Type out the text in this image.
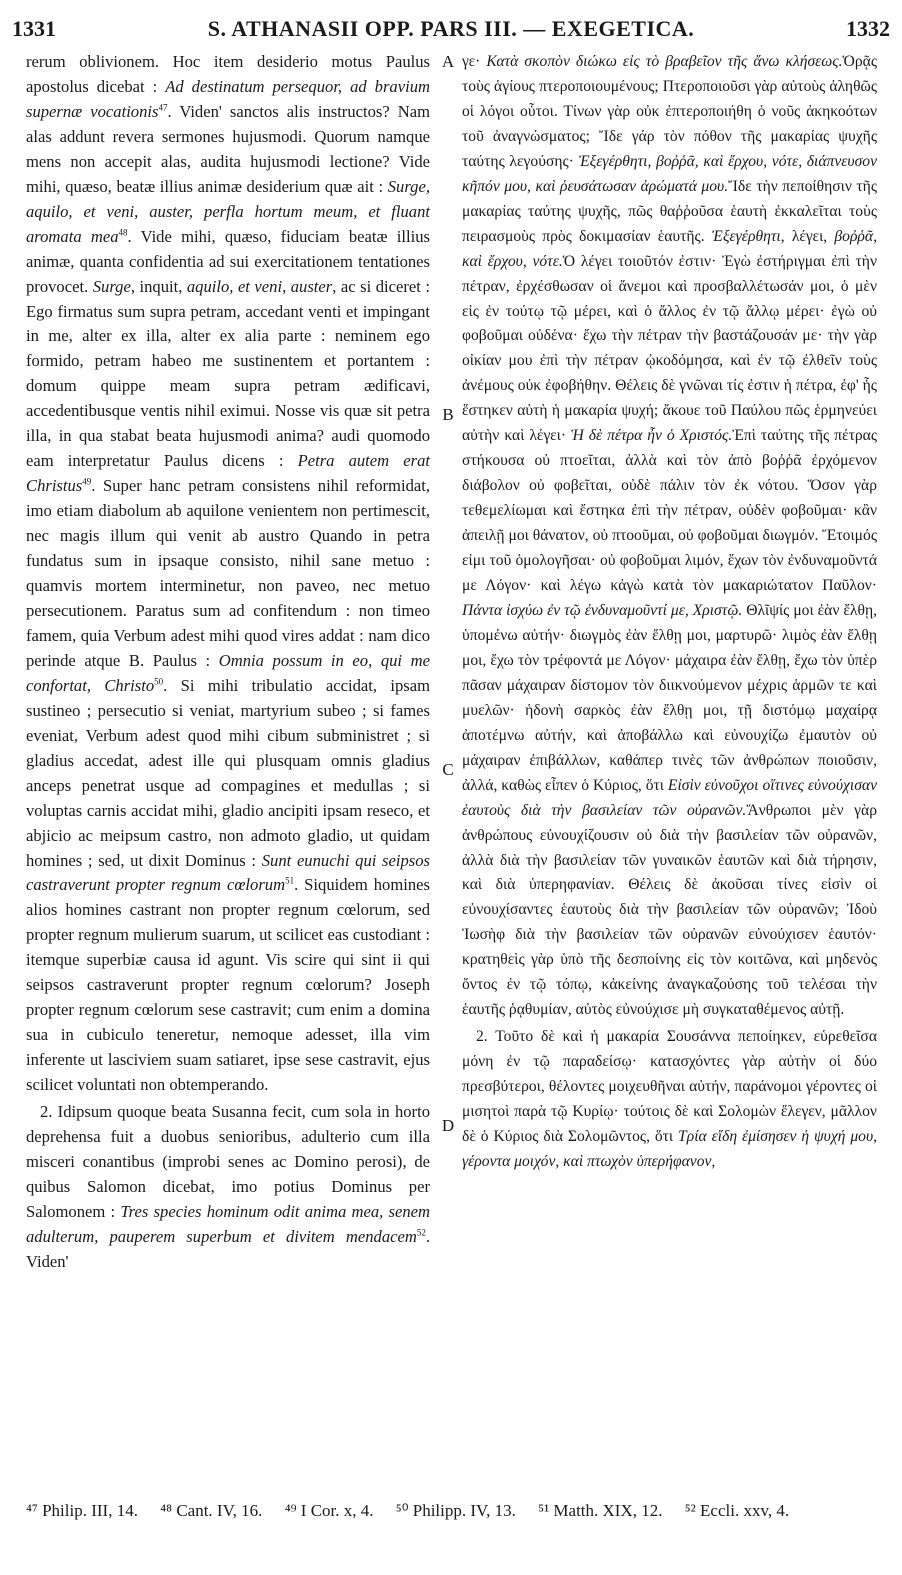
1331	S. ATHANASII OPP. PARS III. — EXEGETICA.	1332

rerum oblivionem. Hoc item desiderio motus Paulus apostolus dicebat : Ad destinatum persequor, ad bravium supernæ vocationis$^{47}$. Viden' sanctos alis instructos? Nam alas addunt revera sermones hujusmodi. Quorum namque mens non accepit alas, audita hujusmodi lectione? Vide mihi, quæso, beatæ illius animæ desiderium quæ ait : Surge, aquilo, et veni, auster, perfla hortum meum, et fluant aromata mea$^{48}$. Vide mihi, quæso, fiduciam beatæ illius animæ, quanta confidentia ad sui exercitationem tentationes provocet. Surge, inquit, aquilo, et veni, auster, ac si diceret : Ego firmatus sum supra petram, accedant venti et impingant in me, alter ex illa, alter ex alia parte : neminem ego formido, petram habeo me sustinentem et portantem : domum quippe meam supra petram ædificavi, accedentibusque ventis nihil eximui. Nosse vis quæ sit petra illa, in qua stabat beata hujusmodi anima? audi quomodo eam interpretatur Paulus dicens : Petra autem erat Christus$^{49}$. Super hanc petram consistens nihil reformidat, imo etiam diabolum ab aquilone venientem non pertimescit, nec magis illum qui venit ab austro Quando in petra fundatus sum in ipsaque consisto, nihil sane metuo : quamvis mortem interminetur, non paveo, nec metuo persecutionem. Paratus sum ad confitendum : non timeo famem, quia Verbum adest mihi quod vires addat : nam dico perinde atque B. Paulus : Omnia possum in eo, qui me confortat, Christo$^{50}$. Si mihi tribulatio accidat, ipsam sustineo ; persecutio si veniat, martyrium subeo ; si fames eveniat, Verbum adest quod mihi cibum subministret ; si gladius accedat, adest ille qui plusquam omnis gladius anceps penetrat usque ad compagines et medullas ; si voluptas carnis accidat mihi, gladio ancipiti ipsam reseco, et abjicio ac meipsum castro, non admoto gladio, ut quidam homines ; sed, ut dixit Dominus : Sunt eunuchi qui seipsos castraverunt propter regnum cœlorum$^{51}$. Siquidem homines alios homines castrant non propter regnum cœlorum, sed propter regnum mulierum suarum, ut scilicet eas custodiant : itemque superbiæ causa id agunt. Vis scire qui sint ii qui seipsos castraverunt propter regnum cœlorum? Joseph propter regnum cœlorum sese castravit; cum enim a domina sua in cubiculo teneretur, nemoque adesset, illa vim inferente ut lasciviem suam satiaret, ipse sese castravit, ejus scilicet voluntati non obtemperando.

2. Idipsum quoque beata Susanna fecit, cum sola in horto deprehensa fuit a duobus senioribus, adulterio cum illa misceri conantibus (improbi senes ac Domino perosi), de quibus Salomon dicebat, imo potius Dominus per Salomonem : Tres species hominum odit anima mea, senem adulterum, pauperem superbum et divitem mendacem$^{52}$. Viden'

A
B
C
D

γε· Κατὰ σκοπὸν διώκω εἰς τὸ βραβεῖον τῆς ἄνω κλήσεως.Ὁρᾷς τοὺς ἁγίους πτεροποιουμένους; Πτεροποιοῦσι γὰρ αὐτοὺς ἀληθῶς οἱ λόγοι οὗτοι. Τίνων γὰρ οὐκ ἐπτεροποιήθη ὁ νοῦς ἀκηκοότων τοῦ ἀναγνώσματος; Ἴδε γάρ τὸν πόθον τῆς μακαρίας ψυχῆς ταύτης λεγούσης· Ἐξεγέρθητι, βοῤῥᾶ, καὶ ἔρχου, νότε, διάπνευσον κῆπόν μου, καὶ ῥευσάτωσαν ἀρώματά μου.Ἴδε τὴν πεποίθησιν τῆς μακαρίας ταύτης ψυχῆς, πῶς θαῤῥοῦσα ἑαυτὴ ἐκκαλεῖται τοὺς πειρασμοὺς πρὸς δοκιμασίαν ἑαυτῆς. Ἐξεγέρθητι, λέγει, βοῤῥᾶ, καὶ ἔρχου, νότε.Ὁ λέγει τοιοῦτόν ἐστιν· Ἐγὼ ἐστήριγμαι ἐπὶ τὴν πέτραν, ἐρχέσθωσαν οἱ ἄνεμοι καὶ προσβαλλέτωσάν μοι, ὁ μὲν εἰς ἐν τούτῳ τῷ μέρει, καὶ ὁ ἄλλος ἐν τῷ ἄλλῳ μέρει· ἐγὼ οὐ φοβοῦμαι οὐδένα· ἔχω τὴν πέτραν τὴν βαστάζουσάν με· τὴν γὰρ οἰκίαν μου ἐπὶ τὴν πέτραν ᾠκοδόμησα, καὶ ἐν τῷ ἐλθεῖν τοὺς ἀνέμους οὐκ ἐφοβήθην. Θέλεις δὲ γνῶναι τίς ἐστιν ἡ πέτρα, ἐφ' ἧς ἕστηκεν αὐτὴ ἡ μακαρία ψυχή; ἄκουε τοῦ Παύλου πῶς ἑρμηνεύει αὐτὴν καὶ λέγει· Ἡ δὲ πέτρα ἦν ὁ Χριστός.Ἐπὶ ταύτης τῆς πέτρας στήκουσα οὐ πτοεῖται, ἀλλὰ καὶ τὸν ἀπὸ βοῤῥᾶ ἐρχόμενον διάβολον οὐ φοβεῖται, οὐδὲ πάλιν τὸν ἐκ νότου. Ὅσον γὰρ τεθεμελίωμαι καὶ ἔστηκα ἐπὶ τὴν πέτραν, οὐδὲν φοβοῦμαι· κἂν ἀπειλῇ μοι θάνατον, οὐ πτοοῦμαι, οὐ φοβοῦμαι διωγμόν. Ἕτοιμός εἰμι τοῦ ὁμολογῆσαι· οὐ φοβοῦμαι λιμόν, ἔχων τὸν ἐνδυναμοῦντά με Λόγον· καὶ λέγω κἀγὼ κατὰ τὸν μακαριώτατον Παῦλον· Πάντα ἰσχύω ἐν τῷ ἐνδυναμοῦντί με, Χριστῷ. Θλῖψίς μοι ἐὰν ἔλθῃ, ὑπομένω αὐτήν· διωγμὸς ἐὰν ἔλθῃ μοι, μαρτυρῶ· λιμὸς ἐὰν ἔλθῃ μοι, ἔχω τὸν τρέφοντά με Λόγον· μάχαιρα ἐὰν ἔλθῃ, ἔχω τὸν ὑπὲρ πᾶσαν μάχαιραν δίστομον τὸν διικνούμενον μέχρις ἁρμῶν τε καὶ μυελῶν· ἡδονὴ σαρκὸς ἐὰν ἔλθῃ μοι, τῇ διστόμῳ μαχαίρᾳ ἀποτέμνω αὐτήν, καὶ ἀποβάλλω καὶ εὐνουχίζω ἐμαυτὸν οὐ μάχαιραν ἐπιβάλλων, καθάπερ τινὲς τῶν ἀνθρώπων ποιοῦσιν, ἀλλά, καθὼς εἶπεν ὁ Κύριος, ὅτι Εἰσὶν εὐνοῦχοι οἵτινες εὐνούχισαν ἑαυτοὺς διὰ τὴν βασιλείαν τῶν οὐρανῶν.Ἄνθρωποι μὲν γὰρ ἀνθρώπους εὐνουχίζουσιν οὐ διὰ τὴν βασιλείαν τῶν οὐρανῶν, ἀλλὰ διὰ τὴν βασιλείαν τῶν γυναικῶν ἑαυτῶν καὶ διὰ τήρησιν, καὶ διὰ ὑπερηφανίαν. Θέλεις δὲ ἀκοῦσαι τίνες εἰσὶν οἱ εὐνουχίσαντες ἑαυτοὺς διὰ τὴν βασιλείαν τῶν οὐρανῶν; Ἰδοὺ Ἰωσὴφ διὰ τὴν βασιλείαν τῶν οὐρανῶν εὐνούχισεν ἑαυτόν· κρατηθεὶς γὰρ ὑπὸ τῆς δεσποίνης εἰς τὸν κοιτῶνα, καὶ μηδενὸς ὄντος ἐν τῷ τόπῳ, κἀκείνης ἀναγκαζούσης τοῦ τελέσαι τὴν ἑαυτῆς ῥᾳθυμίαν, αὐτὸς εὐνούχισε μὴ συγκαταθέμενος αὐτῇ.

2. Τοῦτο δὲ καὶ ἡ μακαρία Σουσάννα πεποίηκεν, εὑρεθεῖσα μόνη ἐν τῷ παραδείσῳ· κατασχόντες γὰρ αὐτὴν οἱ δύο πρεσβύτεροι, θέλοντες μοιχευθῆναι αὐτήν, παράνομοι γέροντες οἱ μισητοὶ παρὰ τῷ Κυρίῳ· τούτοις δὲ καὶ Σολομὼν ἔλεγεν, μᾶλλον δὲ ὁ Κύριος διὰ Σολομῶντος, ὅτι Τρία εἴδη ἐμίσησεν ἡ ψυχή μου, γέροντα μοιχόν, καὶ πτωχὸν ὑπερήφανον,

⁴⁷ Philip. III, 14. ⁴⁸ Cant. IV, 16. ⁴⁹ I Cor. x, 4. ⁵⁰ Philipp. IV, 13. ⁵¹ Matth. XIX, 12. ⁵² Eccli. xxv, 4.
